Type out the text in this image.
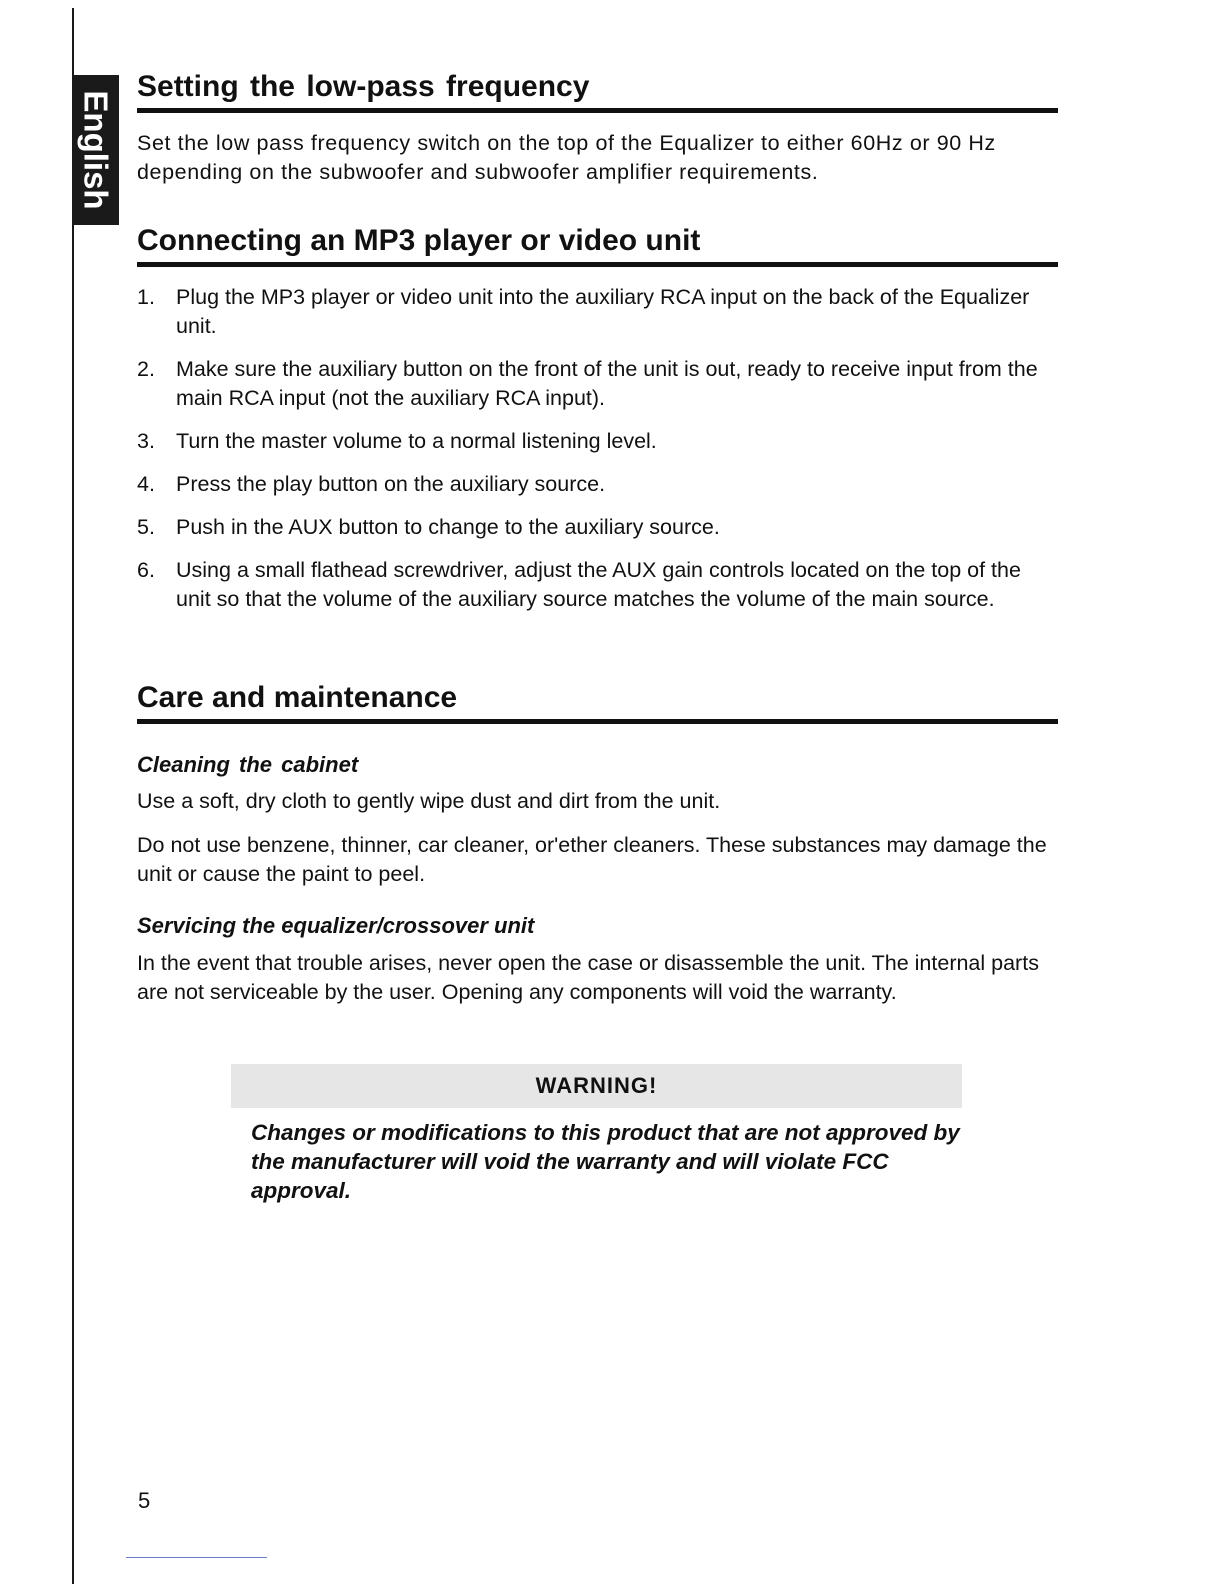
English
Setting the low-pass frequency

Set the low pass frequency switch on the top of the Equalizer to either 60Hz or 90 Hz depending on the subwoofer and subwoofer amplifier requirements.

Connecting an MP3 player or video unit
1. Plug the MP3 player or video unit into the auxiliary RCA input on the back of the Equalizer unit.
2. Make sure the auxiliary button on the front of the unit is out, ready to receive input from the main RCA input (not the auxiliary RCA input).
3. Turn the master volume to a normal listening level.
4. Press the play button on the auxiliary source.
5. Push in the AUX button to change to the auxiliary source.
6. Using a small flathead screwdriver, adjust the AUX gain controls located on the top of the unit so that the volume of the auxiliary source matches the volume of the main source.
Care and maintenance
Cleaning the cabinet

Use a soft, dry cloth to gently wipe dust and dirt from the unit.

Do not use benzene, thinner, car cleaner, or'ether cleaners. These substances may damage the unit or cause the paint to peel.

Servicing the equalizer/crossover unit

In the event that trouble arises, never open the case or disassemble the unit. The internal parts are not serviceable by the user. Opening any components will void the warranty.

WARNING!

Changes or modifications to this product that are not approved by the manufacturer will void the warranty and will violate FCC approval.

5
